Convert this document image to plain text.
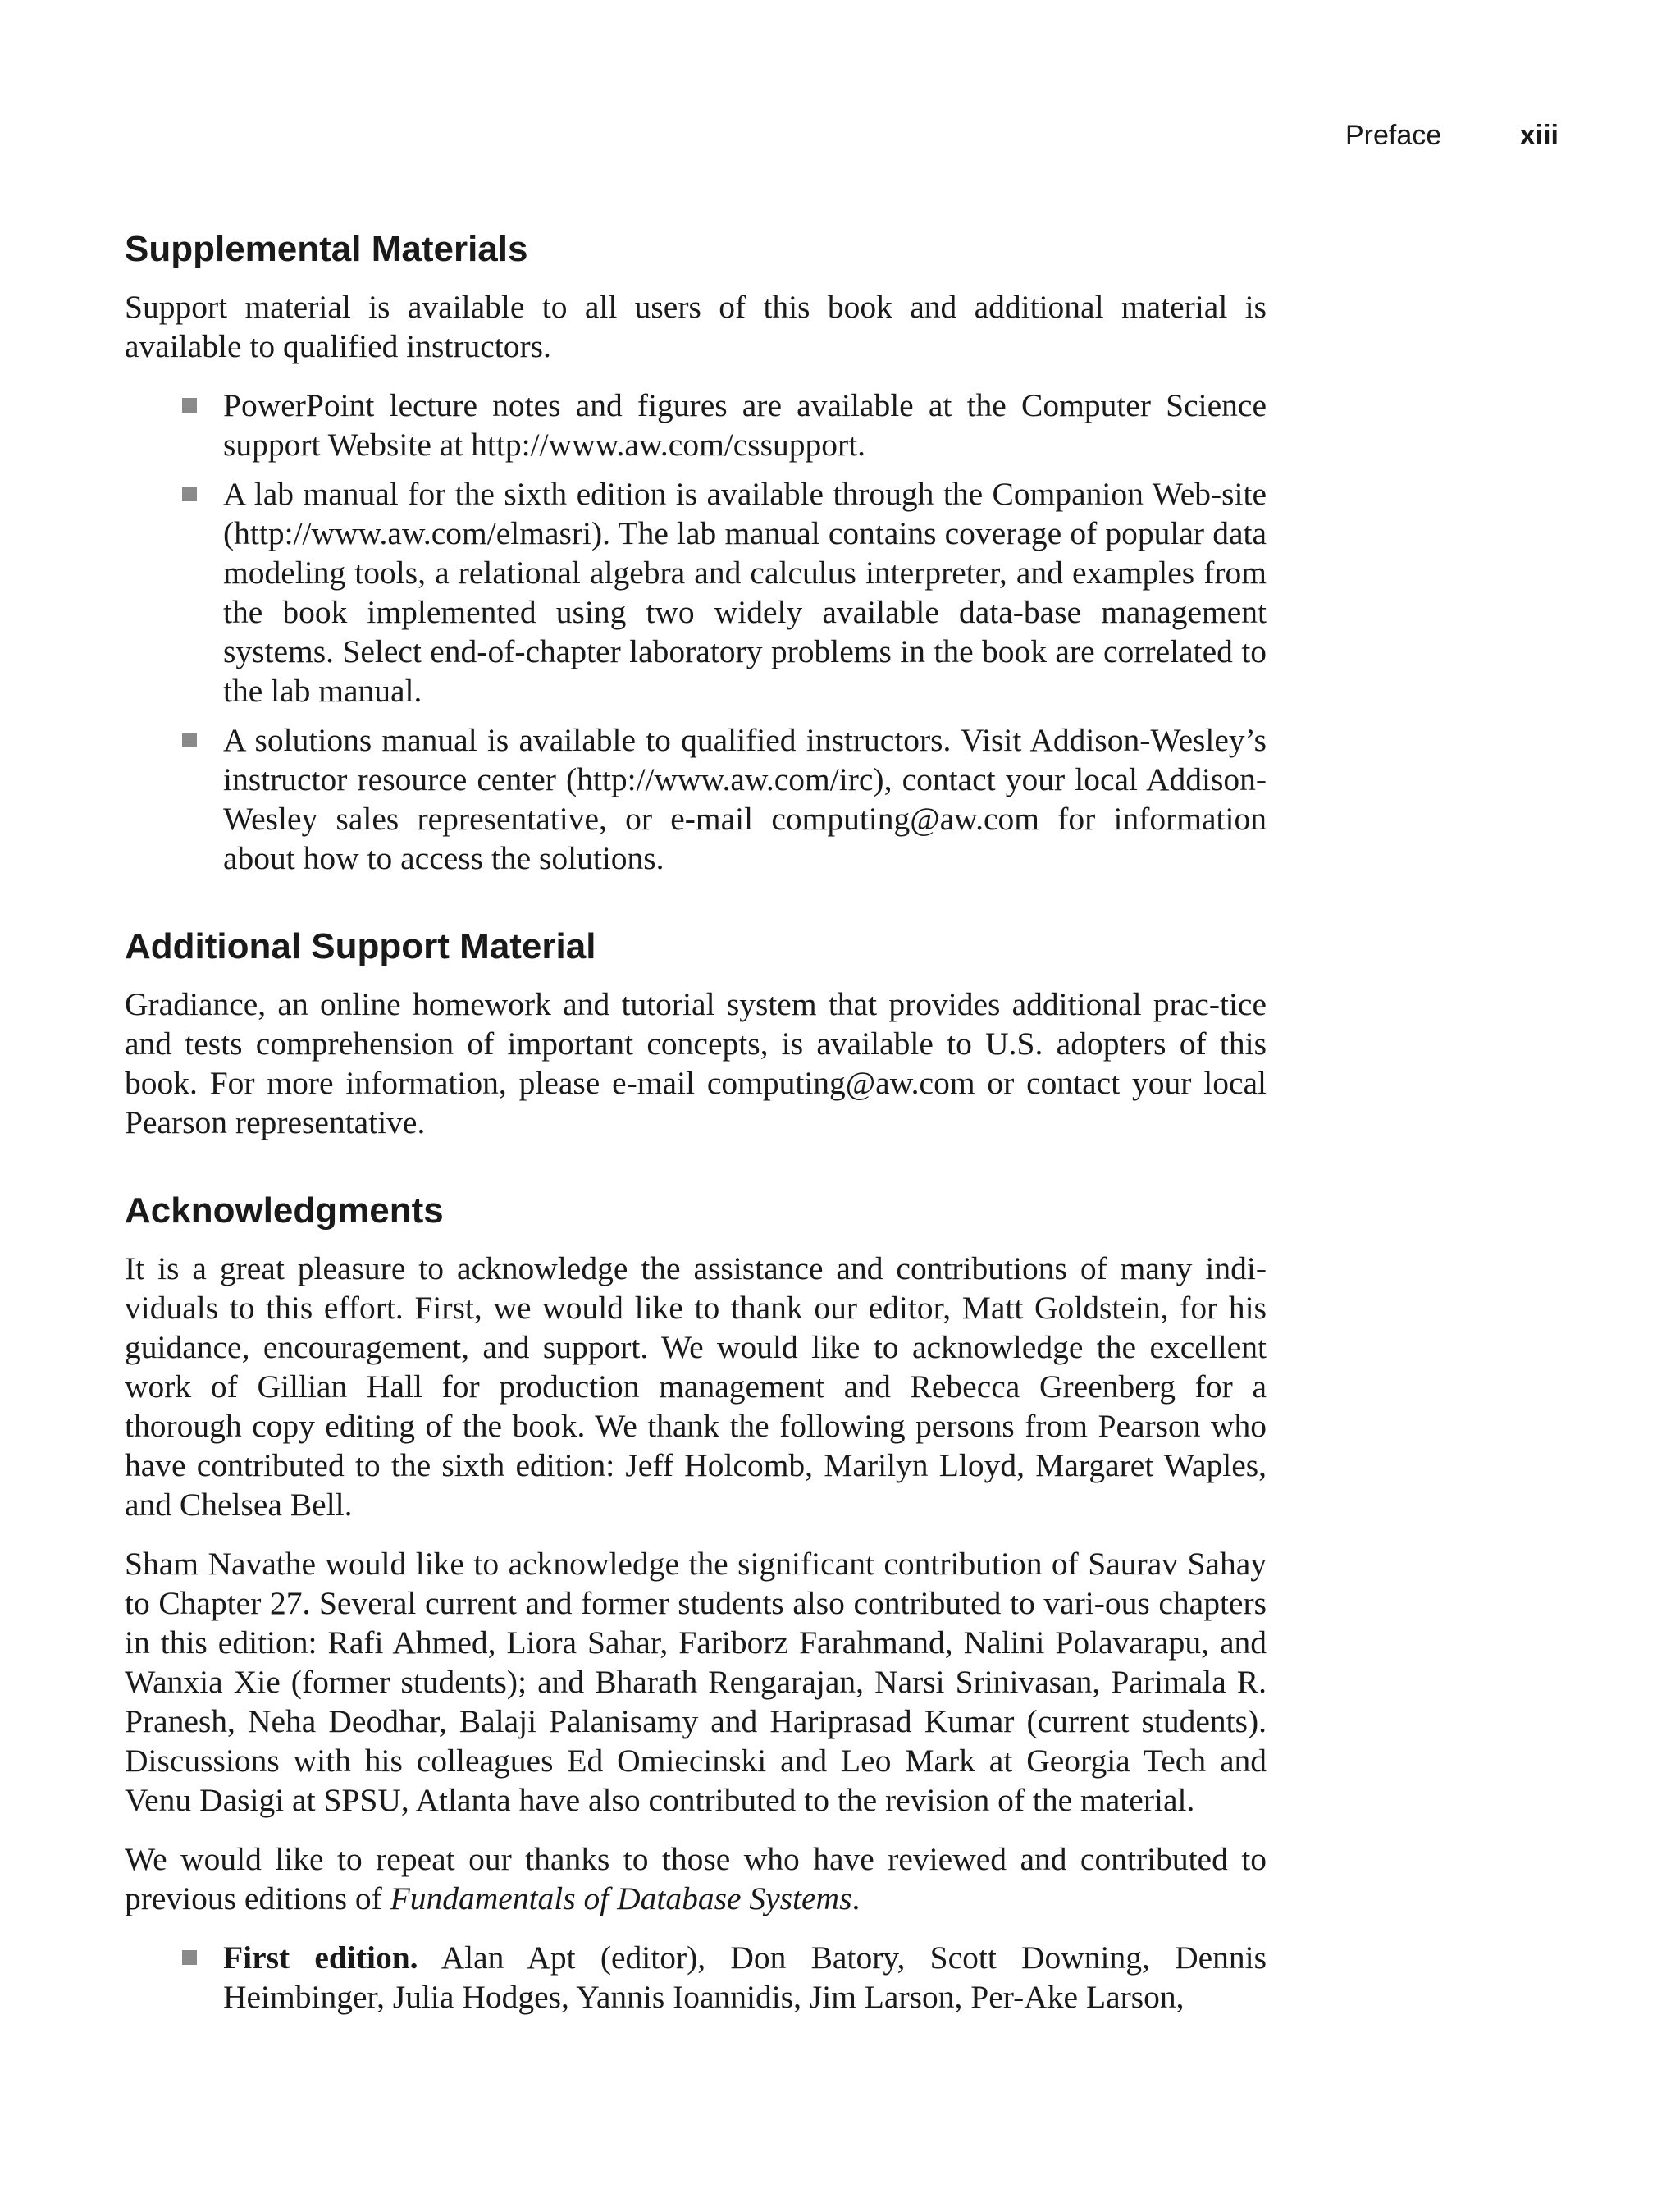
Preface	xiii
Supplemental Materials

Support material is available to all users of this book and additional material is available to qualified instructors.

PowerPoint lecture notes and figures are available at the Computer Science support Website at http://www.aw.com/cssupport.
A lab manual for the sixth edition is available through the Companion Web-site (http://www.aw.com/elmasri). The lab manual contains coverage of popular data modeling tools, a relational algebra and calculus interpreter, and examples from the book implemented using two widely available data-base management systems. Select end-of-chapter laboratory problems in the book are correlated to the lab manual.
A solutions manual is available to qualified instructors. Visit Addison-Wesley’s instructor resource center (http://www.aw.com/irc), contact your local Addison-Wesley sales representative, or e-mail computing@aw.com for information about how to access the solutions.
Additional Support Material

Gradiance, an online homework and tutorial system that provides additional prac-tice and tests comprehension of important concepts, is available to U.S. adopters of this book. For more information, please e-mail computing@aw.com or contact your local Pearson representative.

Acknowledgments

It is a great pleasure to acknowledge the assistance and contributions of many indi-viduals to this effort. First, we would like to thank our editor, Matt Goldstein, for his guidance, encouragement, and support. We would like to acknowledge the excellent work of Gillian Hall for production management and Rebecca Greenberg for a thorough copy editing of the book. We thank the following persons from Pearson who have contributed to the sixth edition: Jeff Holcomb, Marilyn Lloyd, Margaret Waples, and Chelsea Bell.

Sham Navathe would like to acknowledge the significant contribution of Saurav Sahay to Chapter 27. Several current and former students also contributed to vari-ous chapters in this edition: Rafi Ahmed, Liora Sahar, Fariborz Farahmand, Nalini Polavarapu, and Wanxia Xie (former students); and Bharath Rengarajan, Narsi Srinivasan, Parimala R. Pranesh, Neha Deodhar, Balaji Palanisamy and Hariprasad Kumar (current students). Discussions with his colleagues Ed Omiecinski and Leo Mark at Georgia Tech and Venu Dasigi at SPSU, Atlanta have also contributed to the revision of the material.

We would like to repeat our thanks to those who have reviewed and contributed to previous editions of Fundamentals of Database Systems.

First edition. Alan Apt (editor), Don Batory, Scott Downing, Dennis Heimbinger, Julia Hodges, Yannis Ioannidis, Jim Larson, Per-Ake Larson,
